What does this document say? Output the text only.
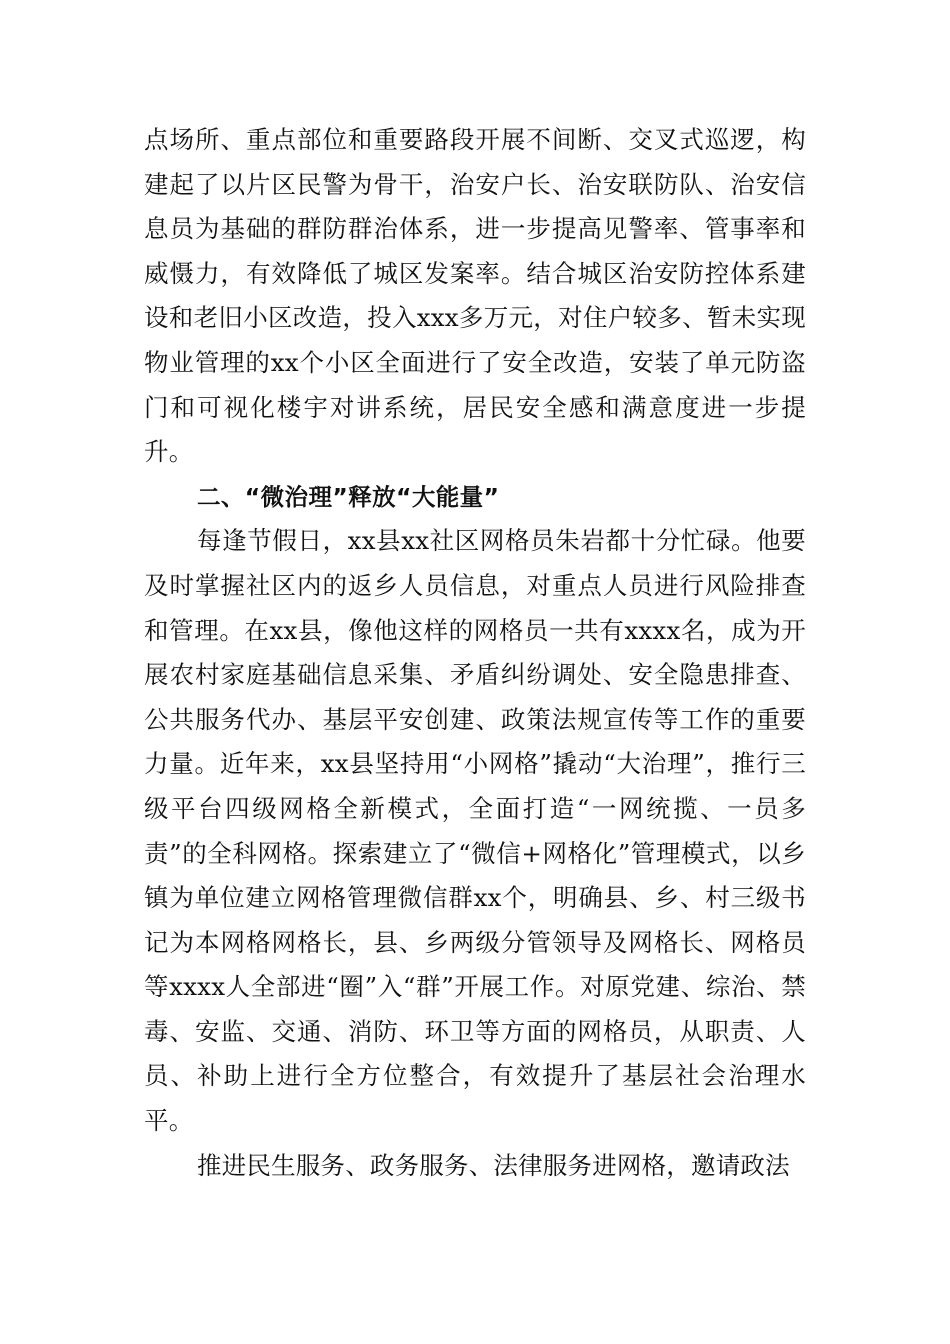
点场所、重点部位和重要路段开展不间断、交叉式巡逻，构建起了以片区民警为骨干，治安户长、治安联防队、治安信息员为基础的群防群治体系，进一步提高见警率、管事率和威慑力，有效降低了城区发案率。结合城区治安防控体系建设和老旧小区改造，投入xxx多万元，对住户较多、暂未实现物业管理的xx个小区全面进行了安全改造，安装了单元防盗门和可视化楼宇对讲系统，居民安全感和满意度进一步提升。

二、“微治理”释放“大能量”

每逢节假日，xx县xx社区网格员朱岩都十分忙碌。他要及时掌握社区内的返乡人员信息，对重点人员进行风险排查和管理。在xx县，像他这样的网格员一共有xxxx名，成为开展农村家庭基础信息采集、矛盾纠纷调处、安全隐患排查、公共服务代办、基层平安创建、政策法规宣传等工作的重要力量。近年来，xx县坚持用“小网格”撬动“大治理”，推行三级平台四级网格全新模式，全面打造“一网统揽、一员多责”的全科网格。探索建立了“微信+网格化”管理模式，以乡镇为单位建立网格管理微信群xx个，明确县、乡、村三级书记为本网格网格长，县、乡两级分管领导及网格长、网格员等xxxx人全部进“圈”入“群”开展工作。对原党建、综治、禁毒、安监、交通、消防、环卫等方面的网格员，从职责、人员、补助上进行全方位整合，有效提升了基层社会治理水平。

推进民生服务、政务服务、法律服务进网格，邀请政法
